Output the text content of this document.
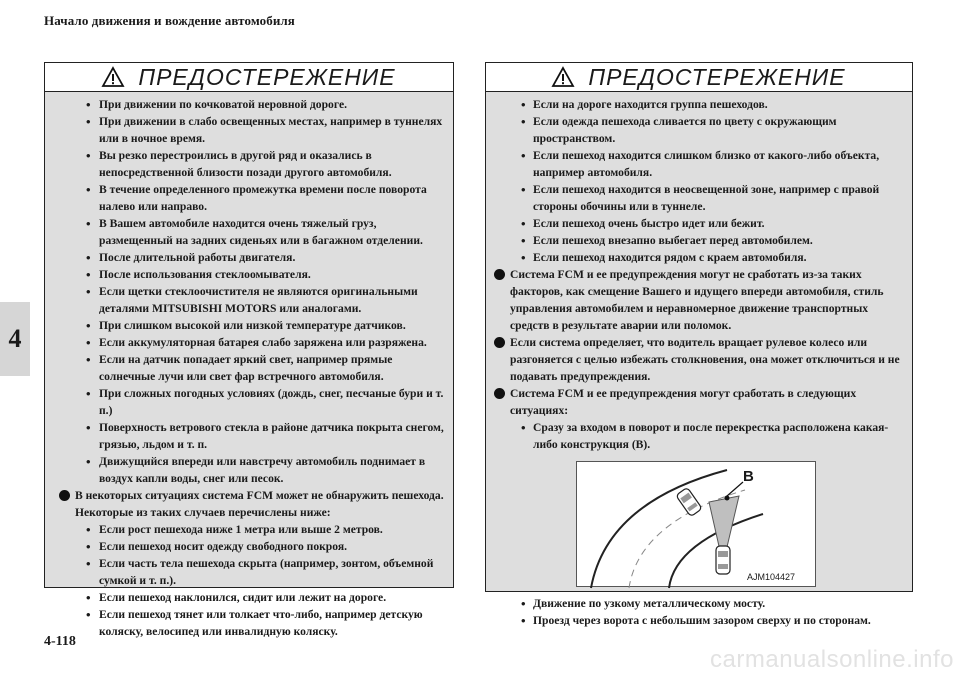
Начало движения и вождение автомобиля
4
ПРЕДОСТЕРЕЖЕНИЕ
• При движении по кочковатой неровной дороге.
• При движении в слабо освещенных местах, например в туннелях или в ночное время.
• Вы резко перестроились в другой ряд и оказались в непосредственной близости позади другого автомобиля.
• В течение определенного промежутка времени после поворота налево или направо.
• В Вашем автомобиле находится очень тяжелый груз, размещенный на задних сиденьях или в багажном отделении.
• После длительной работы двигателя.
• После использования стеклоомывателя.
• Если щетки стеклоочистителя не являются оригинальными деталями MITSUBISHI MOTORS или аналогами.
• При слишком высокой или низкой температуре датчиков.
• Если аккумуляторная батарея слабо заряжена или разряжена.
• Если на датчик попадает яркий свет, например прямые солнечные лучи или свет фар встречного автомобиля.
• При сложных погодных условиях (дождь, снег, песчаные бури и т. п.)
• Поверхность ветрового стекла в районе датчика покрыта снегом, грязью, льдом и т. п.
• Движущийся впереди или навстречу автомобиль поднимает в воздух капли воды, снег или песок.
В некоторых ситуациях система FCM может не обнаружить пешехода. Некоторые из таких случаев перечислены ниже:
• Если рост пешехода ниже 1 метра или выше 2 метров.
• Если пешеход носит одежду свободного покроя.
• Если часть тела пешехода скрыта (например, зонтом, объемной сумкой и т. п.).
• Если пешеход наклонился, сидит или лежит на дороге.
• Если пешеход тянет или толкает что-либо, например детскую коляску, велосипед или инвалидную коляску.
ПРЕДОСТЕРЕЖЕНИЕ
• Если на дороге находится группа пешеходов.
• Если одежда пешехода сливается по цвету с окружающим пространством.
• Если пешеход находится слишком близко от какого-либо объекта, например автомобиля.
• Если пешеход находится в неосвещенной зоне, например с правой стороны обочины или в туннеле.
• Если пешеход очень быстро идет или бежит.
• Если пешеход внезапно выбегает перед автомобилем.
• Если пешеход находится рядом с краем автомобиля.
Система FCM и ее предупреждения могут не сработать из-за таких факторов, как смещение Вашего и идущего впереди автомобиля, стиль управления автомобилем и неравномерное движение транспортных средств в результате аварии или поломок.
Если система определяет, что водитель вращает рулевое колесо или разгоняется с целью избежать столкновения, она может отключиться и не подавать предупреждения.
Система FCM и ее предупреждения могут сработать в следующих ситуациях:
• Сразу за входом в поворот и после перекрестка расположена какая-либо конструкция (B).
B
AJM104427
• Движение по узкому металлическому мосту.
• Проезд через ворота с небольшим зазором сверху и по сторонам.
4-118
carmanualsonline.info
